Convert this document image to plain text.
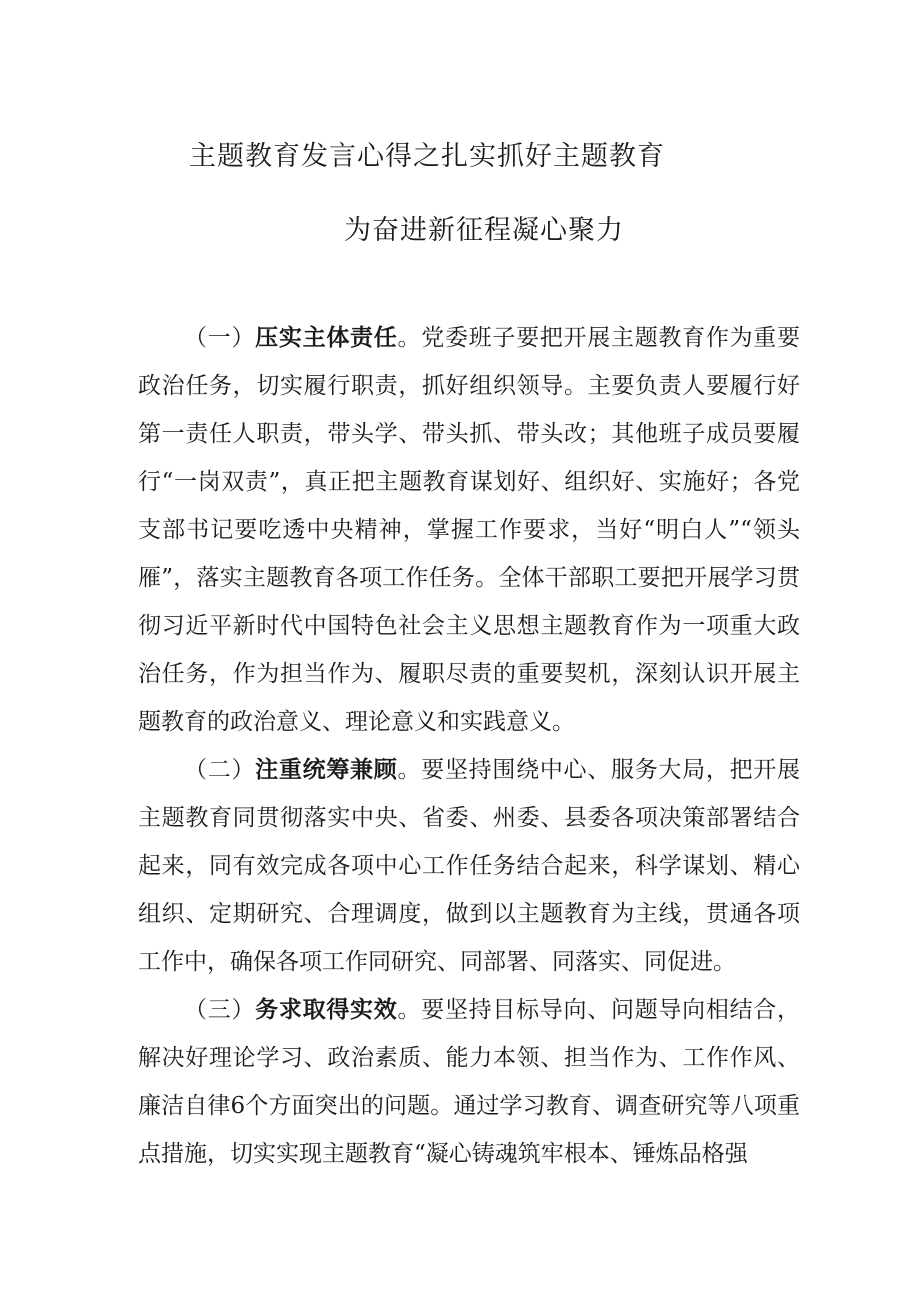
主题教育发言心得之扎实抓好主题教育
为奋进新征程凝心聚力

（一）压实主体责任。党委班子要把开展主题教育作为重要政治任务，切实履行职责，抓好组织领导。主要负责人要履行好第一责任人职责，带头学、带头抓、带头改；其他班子成员要履行“一岗双责”，真正把主题教育谋划好、组织好、实施好；各党支部书记要吃透中央精神，掌握工作要求，当好“明白人”“领头雁”，落实主题教育各项工作任务。全体干部职工要把开展学习贯彻习近平新时代中国特色社会主义思想主题教育作为一项重大政治任务，作为担当作为、履职尽责的重要契机，深刻认识开展主题教育的政治意义、理论意义和实践意义。

（二）注重统筹兼顾。要坚持围绕中心、服务大局，把开展主题教育同贯彻落实中央、省委、州委、县委各项决策部署结合起来，同有效完成各项中心工作任务结合起来，科学谋划、精心组织、定期研究、合理调度，做到以主题教育为主线，贯通各项工作中，确保各项工作同研究、同部署、同落实、同促进。

（三）务求取得实效。要坚持目标导向、问题导向相结合，解决好理论学习、政治素质、能力本领、担当作为、工作作风、廉洁自律6个方面突出的问题。通过学习教育、调查研究等八项重点措施，切实实现主题教育“凝心铸魂筑牢根本、锤炼品格强
